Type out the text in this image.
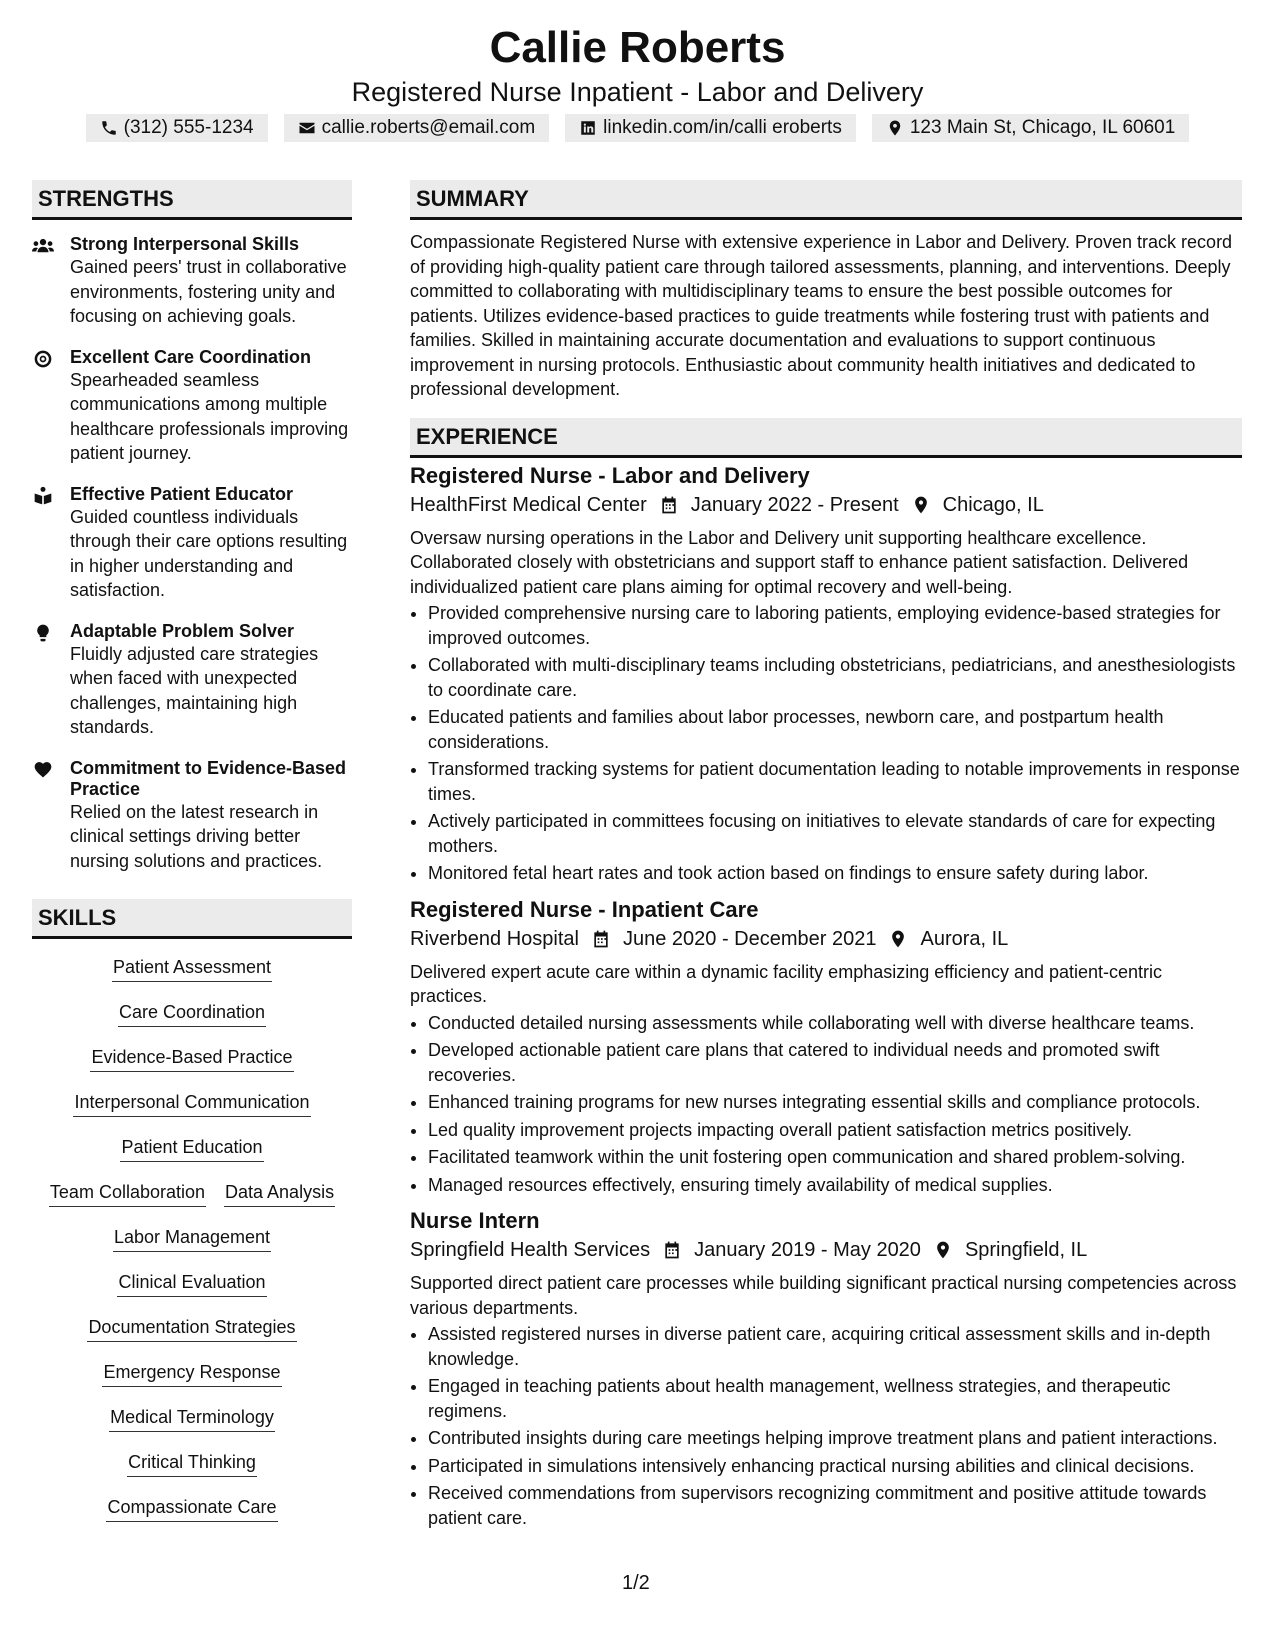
Callie Roberts
Registered Nurse Inpatient - Labor and Delivery
(312) 555-1234	callie.roberts@email.com	linkedin.com/in/calli eroberts	123 Main St, Chicago, IL 60601
STRENGTHS
Strong Interpersonal Skills
Gained peers' trust in collaborative environments, fostering unity and focusing on achieving goals.
Excellent Care Coordination
Spearheaded seamless communications among multiple healthcare professionals improving patient journey.
Effective Patient Educator
Guided countless individuals through their care options resulting in higher understanding and satisfaction.
Adaptable Problem Solver
Fluidly adjusted care strategies when faced with unexpected challenges, maintaining high standards.
Commitment to Evidence-Based Practice
Relied on the latest research in clinical settings driving better nursing solutions and practices.
SKILLS
Patient Assessment
Care Coordination
Evidence-Based Practice
Interpersonal Communication
Patient Education
Team Collaboration Data Analysis
Labor Management
Clinical Evaluation
Documentation Strategies
Emergency Response
Medical Terminology
Critical Thinking
Compassionate Care
SUMMARY

Compassionate Registered Nurse with extensive experience in Labor and Delivery. Proven track record of providing high-quality patient care through tailored assessments, planning, and interventions. Deeply committed to collaborating with multidisciplinary teams to ensure the best possible outcomes for patients. Utilizes evidence-based practices to guide treatments while fostering trust with patients and families. Skilled in maintaining accurate documentation and evaluations to support continuous improvement in nursing protocols. Enthusiastic about community health initiatives and dedicated to professional development.

EXPERIENCE
Registered Nurse - Labor and Delivery
HealthFirst Medical Center January 2022 - Present Chicago, IL
Oversaw nursing operations in the Labor and Delivery unit supporting healthcare excellence. Collaborated closely with obstetricians and support staff to enhance patient satisfaction. Delivered individualized patient care plans aiming for optimal recovery and well-being.
• Provided comprehensive nursing care to laboring patients, employing evidence-based strategies for improved outcomes.
• Collaborated with multi-disciplinary teams including obstetricians, pediatricians, and anesthesiologists to coordinate care.
• Educated patients and families about labor processes, newborn care, and postpartum health considerations.
• Transformed tracking systems for patient documentation leading to notable improvements in response times.
• Actively participated in committees focusing on initiatives to elevate standards of care for expecting mothers.
• Monitored fetal heart rates and took action based on findings to ensure safety during labor.
Registered Nurse - Inpatient Care
Riverbend Hospital June 2020 - December 2021 Aurora, IL
Delivered expert acute care within a dynamic facility emphasizing efficiency and patient-centric practices.
• Conducted detailed nursing assessments while collaborating well with diverse healthcare teams.
• Developed actionable patient care plans that catered to individual needs and promoted swift recoveries.
• Enhanced training programs for new nurses integrating essential skills and compliance protocols.
• Led quality improvement projects impacting overall patient satisfaction metrics positively.
• Facilitated teamwork within the unit fostering open communication and shared problem-solving.
• Managed resources effectively, ensuring timely availability of medical supplies.
Nurse Intern
Springfield Health Services January 2019 - May 2020 Springfield, IL
Supported direct patient care processes while building significant practical nursing competencies across various departments.
• Assisted registered nurses in diverse patient care, acquiring critical assessment skills and in-depth knowledge.
• Engaged in teaching patients about health management, wellness strategies, and therapeutic regimens.
• Contributed insights during care meetings helping improve treatment plans and patient interactions.
• Participated in simulations intensively enhancing practical nursing abilities and clinical decisions.
• Received commendations from supervisors recognizing commitment and positive attitude towards patient care.
1/2
